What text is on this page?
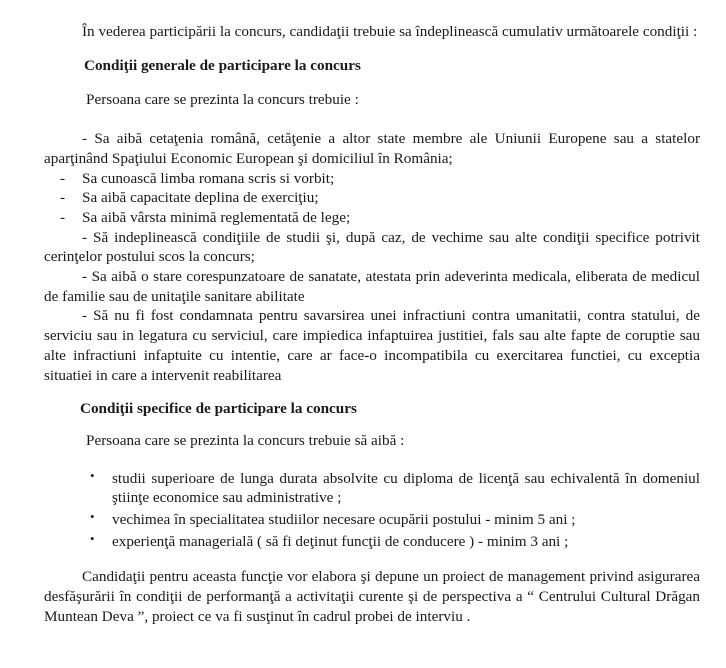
În vederea participării la concurs, candidaţii trebuie sa îndeplinească cumulativ următoarele condiţii :

Condiţii generale de participare la concurs

Persoana care se prezinta la concurs trebuie :

- Sa aibă cetaţenia română, cetăţenie a altor state membre ale Uniunii Europene sau a statelor aparţinând Spaţiului Economic European şi domiciliul în România;
- Sa cunoască limba romana scris si vorbit;
- Sa aibă capacitate deplina de exerciţiu;
- Sa aibă vârsta minimă reglementată de lege;
- Să indeplinească condiţiile de studii şi, după caz, de vechime sau alte condiţii specifice potrivit cerinţelor postului scos la concurs;
- Sa aibă o stare corespunzatoare de sanatate, atestata prin adeverinta medicala, eliberata de medicul de familie sau de unitaţile sanitare abilitate
- Să nu fi fost condamnata pentru savarsirea unei infractiuni contra umanitatii, contra statului, de serviciu sau in legatura cu serviciul, care impiedica infaptuirea justitiei, fals sau alte fapte de coruptie sau alte infractiuni infaptuite cu intentie, care ar face-o incompatibila cu exercitarea functiei, cu exceptia situatiei in care a intervenit reabilitarea

Condiţii specifice de participare la concurs

Persoana care se prezinta la concurs trebuie să aibă :

• studii superioare de lunga durata absolvite cu diploma de licenţă sau echivalentă în domeniul ştiinţe economice sau administrative ;
• vechimea în specialitatea studiilor necesare ocupării postului - minim 5 ani ;
• experienţă managerială ( să fi deţinut funcţii de conducere ) - minim 3 ani ;

Candidaţii pentru aceasta funcţie vor elabora şi depune un proiect de management privind asigurarea desfăşurării în condiţii de performanţă a activitaţii curente şi de perspectiva a “ Centrului Cultural Drăgan Muntean Deva ”, proiect ce va fi susţinut în cadrul probei de interviu .
